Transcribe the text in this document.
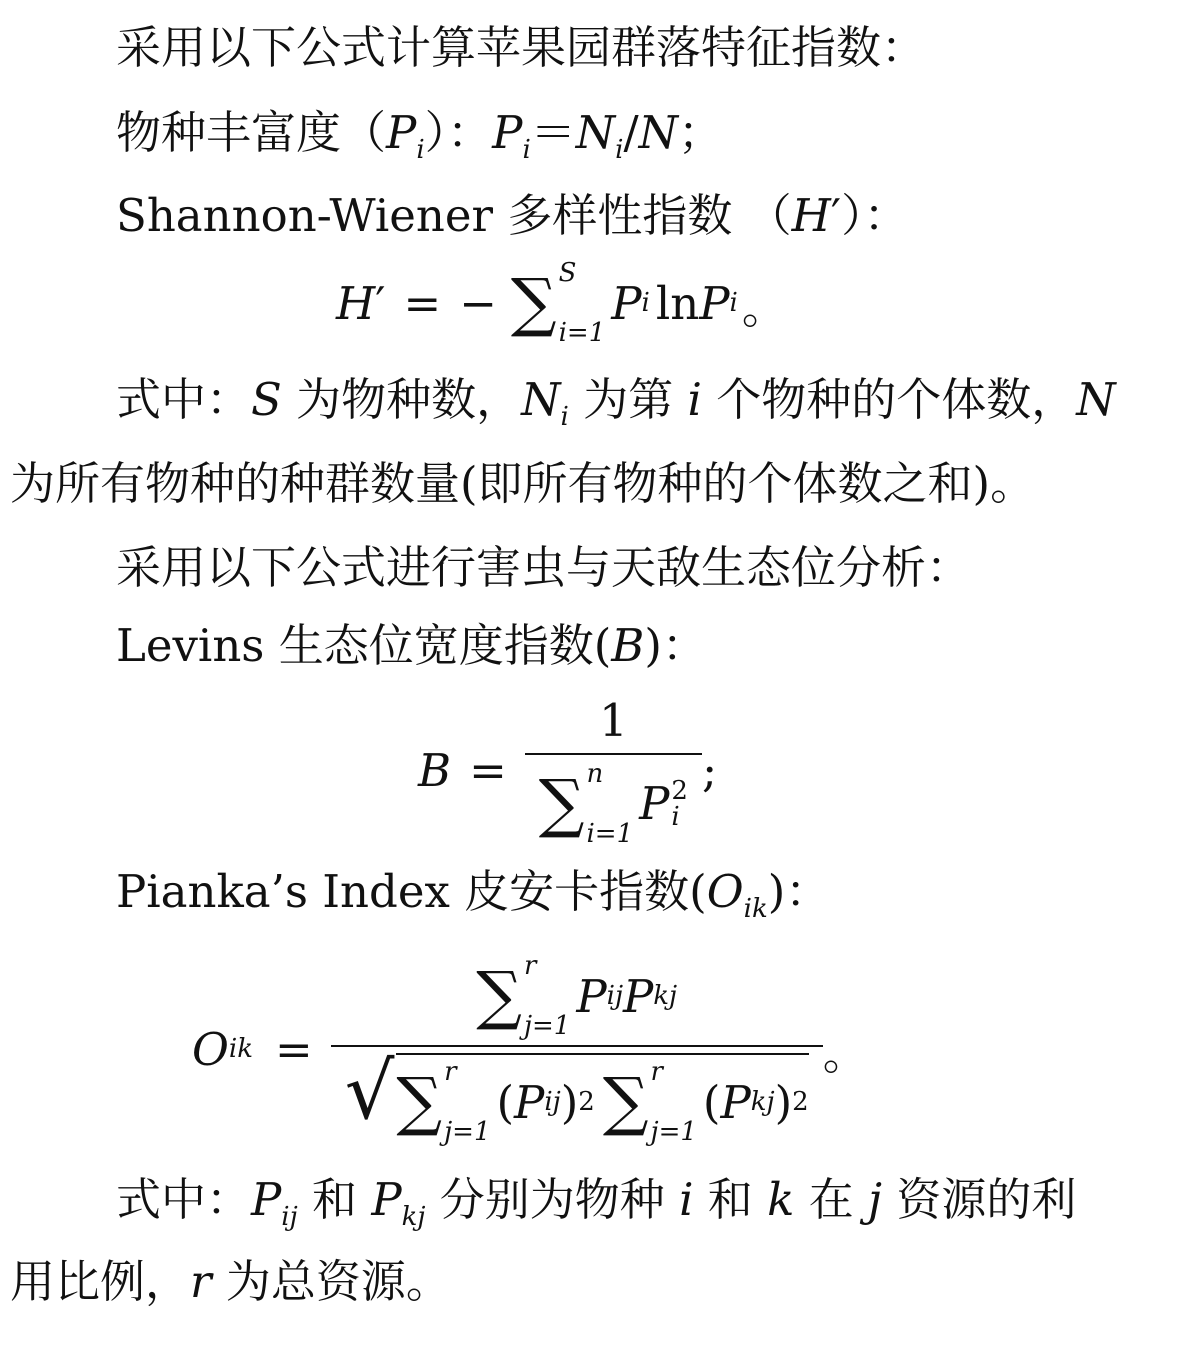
采用以下公式计算苹果园群落特征指数：
物种丰富度$(P_i)$：$P_i=N_i/N$；
Shannon-Wiener 多样性指数 （H′）：
H ′ = − ∑ S
i=1
P i ln P i 。
式中：S 为物种数，$N_i$ 为第 i 个物种的个体数，N
为所有物种的种群数量(即所有物种的个体数之和)。
采用以下公式进行害虫与天敌生态位分析：
Levins 生态位宽度指数(B)：
B = 1
∑ n
i=1
P 2
i ;
Pianka’s Index 皮安卡指数$(O_{ik})$：
O ik =
∑ r
j=1
P ij P kj
√ ∑ r
j=1
( P ij ) 2 ∑ r
j=1
( P kj ) 2
。
式中：$P_{ij}$ 和 $P_{kj}$ 分别为物种 i 和 k 在 j 资源的利
用比例，r 为总资源。
